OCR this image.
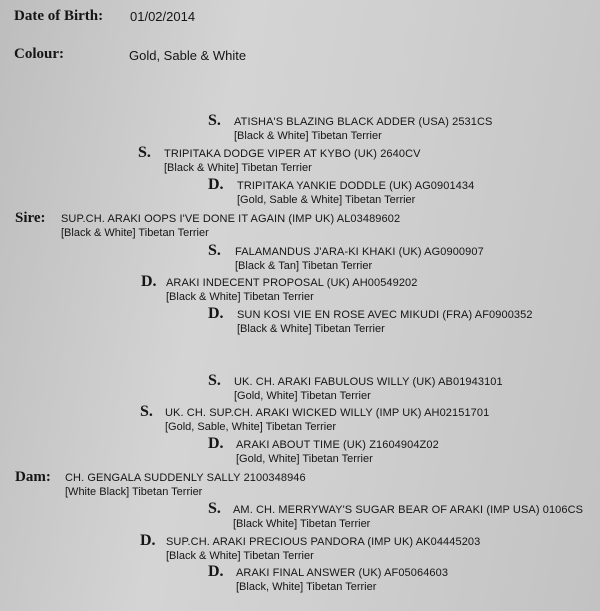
Date of Birth: 01/02/2014
Colour:	Gold, Sable & White
S. ATISHA'S BLAZING BLACK ADDER (USA) 2531CS
[Black & White] Tibetan Terrier
S. TRIPITAKA DODGE VIPER AT KYBO (UK) 2640CV
[Black & White] Tibetan Terrier
D. TRIPITAKA YANKIE DODDLE (UK) AG0901434
[Gold, Sable & White] Tibetan Terrier
Sire: SUP.CH. ARAKI OOPS I'VE DONE IT AGAIN (IMP UK) AL03489602
[Black & White] Tibetan Terrier
S. FALAMANDUS J'ARA-KI KHAKI (UK) AG0900907
[Black & Tan] Tibetan Terrier
D. ARAKI INDECENT PROPOSAL (UK) AH00549202
[Black & White] Tibetan Terrier
D. SUN KOSI VIE EN ROSE AVEC MIKUDI (FRA) AF0900352
[Black & White] Tibetan Terrier
S. UK. CH. ARAKI FABULOUS WILLY (UK) AB01943101
[Gold, White] Tibetan Terrier
S. UK. CH. SUP.CH. ARAKI WICKED WILLY (IMP UK) AH02151701
[Gold, Sable, White] Tibetan Terrier
D. ARAKI ABOUT TIME (UK) Z1604904Z02
[Gold, White] Tibetan Terrier
Dam: CH. GENGALA SUDDENLY SALLY 2100348946
[White Black] Tibetan Terrier
S. AM. CH. MERRYWAY'S SUGAR BEAR OF ARAKI (IMP USA) 0106CS
[Black White] Tibetan Terrier
D. SUP.CH. ARAKI PRECIOUS PANDORA (IMP UK) AK04445203
[Black & White] Tibetan Terrier
D. ARAKI FINAL ANSWER (UK) AF05064603
[Black, White] Tibetan Terrier
